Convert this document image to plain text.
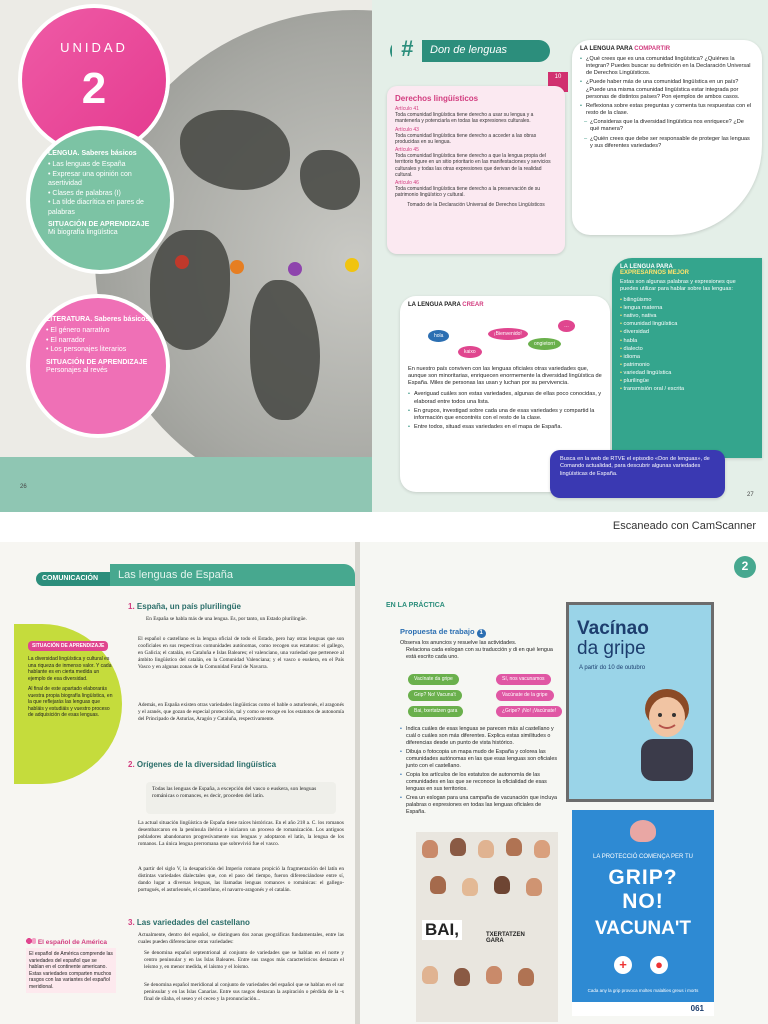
UNIDAD
2
LENGUA. Saberes básicos
• Las lenguas de España
• Expresar una opinión con asertividad
• Clases de palabras (I)
• La tilde diacrítica en pares de palabras
SITUACIÓN DE APRENDIZAJE

Mi biografía lingüística

LITERATURA. Saberes básicos
• El género narrativo
• El narrador
• Los personajes literarios
SITUACIÓN DE APRENDIZAJE

Personajes al revés

26
#	Don de lenguas
10
Derechos lingüísticos
Artículo 41
Toda comunidad lingüística tiene derecho a usar su lengua y a mantenerla y potenciarla en todas las expresiones culturales.
Artículo 43
Toda comunidad lingüística tiene derecho a acceder a las obras producidas en su lengua.
Artículo 45
Toda comunidad lingüística tiene derecho a que la lengua propia del territorio figure en un sitio prioritario en las manifestaciones y servicios culturales y todas las otras expresiones que derivan de la realidad cultural.
Artículo 46
Toda comunidad lingüística tiene derecho a la preservación de su patrimonio lingüístico y cultural.
Tomado de la Declaración Universal de Derechos Lingüísticos
LA LENGUA PARA COMPARTIR
• ¿Qué crees que es una comunidad lingüística? ¿Quiénes la integran? Puedes buscar su definición en la Declaración Universal de Derechos Lingüísticos.
• ¿Puede haber más de una comunidad lingüística en un país? ¿Puede una misma comunidad lingüística estar integrada por personas de distintos países? Pon ejemplos de ambos casos.
• Reflexiona sobre estas preguntas y comenta tus respuestas con el resto de la clase.
– ¿Consideras que la diversidad lingüística nos enriquece? ¿De qué manera?
– ¿Quién crees que debe ser responsable de proteger las lenguas y sus diferentes variedades?
LA LENGUA PARA
EXPRESARNOS MEJOR
Estas son algunas palabras y expresiones que puedes utilizar para hablar sobre las lenguas:
• bilingüismo
• lengua materna
• nativo, nativa
• comunidad lingüística
• diversidad
• habla
• dialecto
• idioma
• patrimonio
• variedad lingüística
• plurilingüe
• transmisión oral / escrita
LA LENGUA PARA CREAR
hola
kaixo
¡Bienvenido!
ongietorri
…
En nuestro país conviven con las lenguas oficiales otras variedades que, aunque son minoritarias, enriquecen enormemente la diversidad lingüística de España. Miles de personas las usan y luchan por su pervivencia.
• Averiguad cuáles son estas variedades, algunas de ellas poco conocidas, y elaborad entre todos una lista.
• En grupos, investigad sobre cada una de esas variedades y compartid la información que encontréis con el resto de la clase.
• Entre todos, situad esas variedades en el mapa de España.
Busca en la web de RTVE el episodio «Don de lenguas», de Comando actualidad, para descubrir algunas variedades lingüísticas de España.
27
Escaneado con CamScanner
COMUNICACIÓN	Las lenguas de España
SITUACIÓN DE APRENDIZAJE

La diversidad lingüística y cultural es una riqueza de inmenso valor. Y cada hablante es en cierta medida un ejemplo de esa diversidad.

Al final de este apartado elaborarás vuestra propia biografía lingüística, en la que reflejarás las lenguas que habláis y estudiáis y vuestro proceso de adquisición de esas lenguas.

1. España, un país plurilingüe
En España se habla más de una lengua. Es, por tanto, un Estado plurilingüe.
El español o castellano es la lengua oficial de todo el Estado, pero hay otras lenguas que son cooficiales en sus respectivas comunidades autónomas, como recogen sus estatutos: el gallego, en Galicia; el catalán, en Cataluña e Islas Baleares; el valenciano, una variedad que pertenece al ámbito lingüístico del catalán, en la Comunidad Valenciana; y el vasco o euskera, en el País Vasco y en algunas zonas de la Comunidad Foral de Navarra.
Además, en España existen otras variedades lingüísticas como el bable o asturleonés, el aragonés y el aranés, que gozan de especial protección, tal y como se recoge en los estatutos de autonomía del Principado de Asturias, Aragón y Cataluña, respectivamente.
2. Orígenes de la diversidad lingüística
Todas las lenguas de España, a excepción del vasco o euskera, son lenguas románicas o romances, es decir, proceden del latín.
La actual situación lingüística de España tiene raíces históricas. En el año 218 a. C. los romanos desembarcaron en la península ibérica e iniciaron un proceso de romanización. Los antiguos pobladores abandonaron progresivamente sus lenguas y adoptaron el latín, la lengua de los romanos. La única lengua prerromana que sobrevivió fue el vasco.
A partir del siglo V, la desaparición del Imperio romano propició la fragmentación del latín en distintas variedades dialectales que, con el paso del tiempo, fueron diferenciándose entre sí, dando lugar a diversas lenguas, las llamadas lenguas romances o románicas: el gallego-portugués, el asturleonés, el castellano, el navarro-aragonés y el catalán.
3. Las variedades del castellano
Actualmente, dentro del español, se distinguen dos zonas geográficas fundamentales, entre las cuales pueden diferenciarse otras variedades:
Se denomina español septentrional al conjunto de variedades que se hablan en el norte y centro peninsular y en las Islas Baleares. Entre sus rasgos más característicos destacan el leísmo y, en menor medida, el laísmo y el loísmo.
Se denomina español meridional al conjunto de variedades del español que se hablan en el sur peninsular y en las Islas Canarias. Entre sus rasgos destacan la aspiración o pérdida de la -s final de sílaba, el seseo y el ceceo y la pronunciación...
El español de América

El español de América comprende las variedades del español que se hablan en el continente americano. Estas variedades comparten muchos rasgos con las variantes del español meridional.

2
EN LA PRÁCTICA
Propuesta de trabajo 1
Observa los anuncios y resuelve las actividades.
Relaciona cada eslogan con su traducción y di en qué lengua está escrito cada uno.
Vacínate da gripe	Sí, nos vacunamos
Grip? No! Vacuna't	Vacúnate de la gripe
Bai, txertatzen gara	¿Gripe? ¡No! ¡Vacúnate!
• Indica cuáles de esas lenguas se parecen más al castellano y cuál o cuáles son más diferentes. Explica estas similitudes o diferencias desde un punto de vista histórico.
• Dibuja o fotocopia un mapa mudo de España y colorea las comunidades autónomas en las que esas lenguas son oficiales junto con el castellano.
• Copia los artículos de los estatutos de autonomía de las comunidades en las que se reconoce la oficialidad de esas lenguas en sus territorios.
• Crea un eslogan para una campaña de vacunación que incluya palabras o expresiones en todas las lenguas oficiales de España.
BAI,	TXERTATZEN
GARA
Vacínao
da gripe
A partir do 10 de outubro
LA PROTECCIÓ COMENÇA PER TU
GRIP?
NO!
VACUNA'T
+ ●
Cada any la grip provoca moltes malalties greus i morts
061
